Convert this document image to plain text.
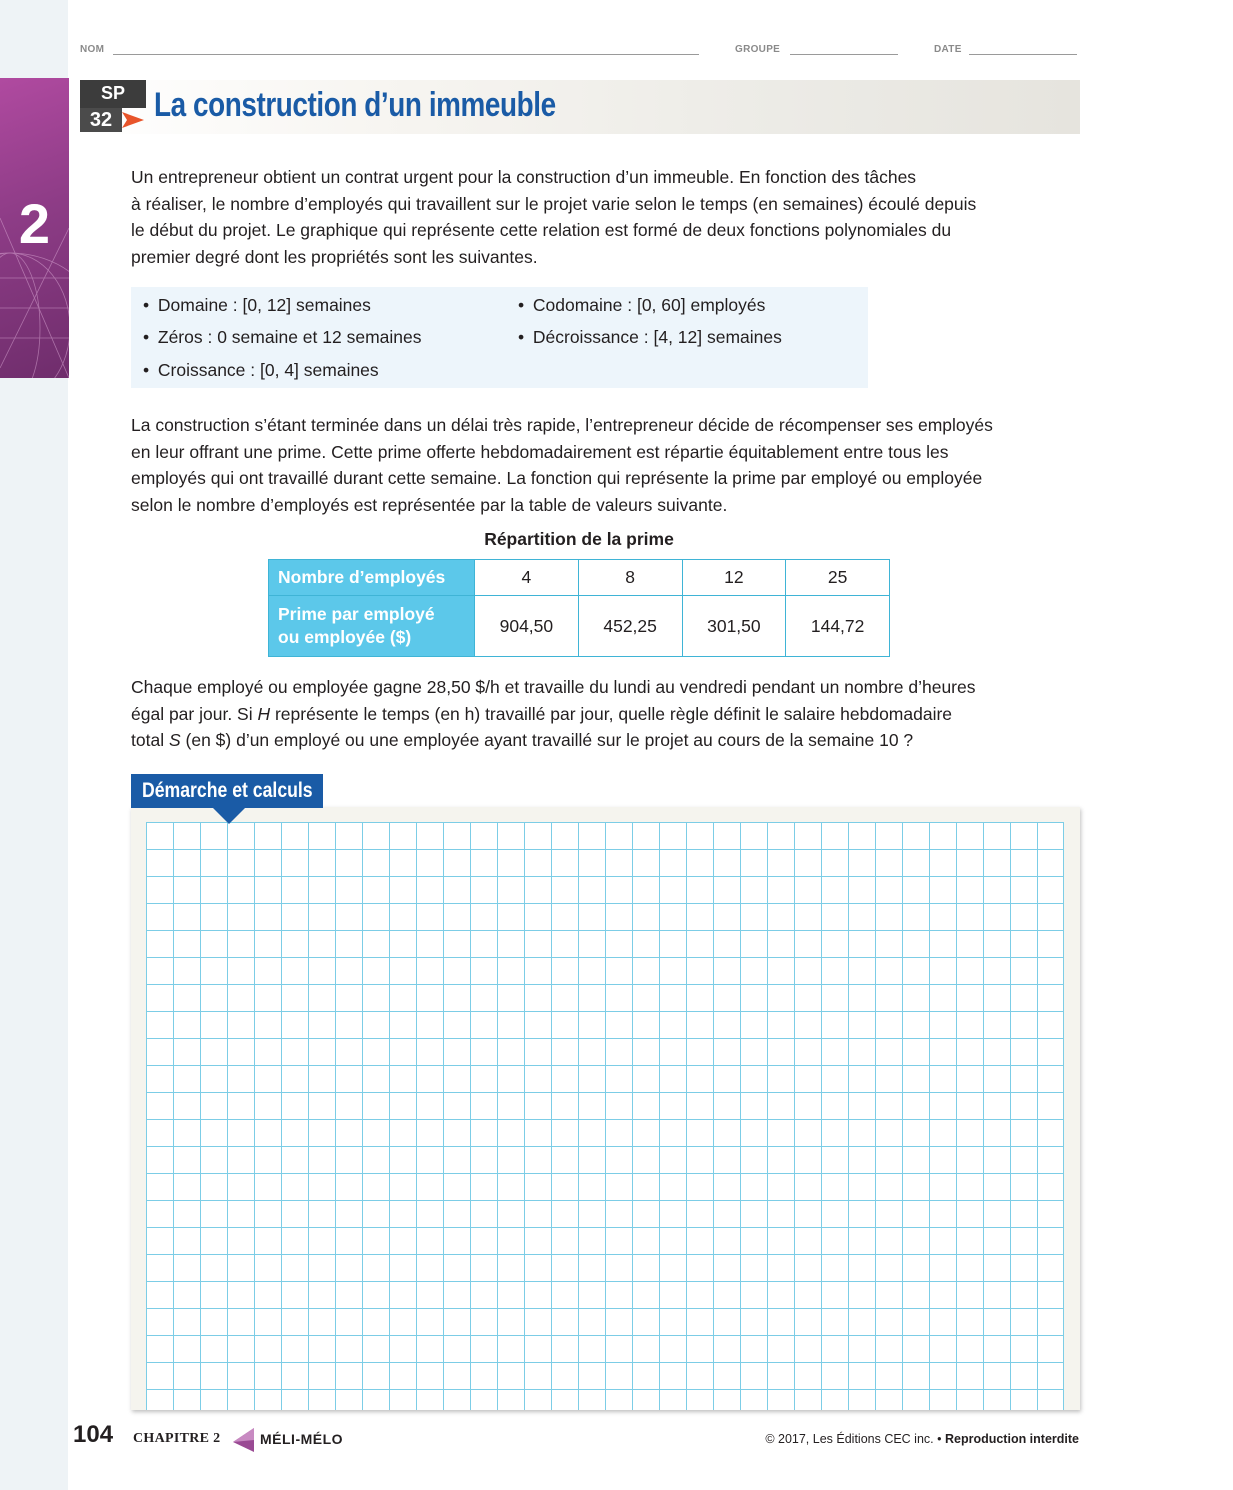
2
NOM	GROUPE	DATE
SP
32 La construction d’un immeuble
Un entrepreneur obtient un contrat urgent pour la construction d’un immeuble. En fonction des tâches
à réaliser, le nombre d’employés qui travaillent sur le projet varie selon le temps (en semaines) écoulé depuis
le début du projet. Le graphique qui représente cette relation est formé de deux fonctions polynomiales du
premier degré dont les propriétés sont les suivantes.
• Domaine : [0, 12] semaines
• Zéros : 0 semaine et 12 semaines
• Croissance : [0, 4] semaines
• Codomaine : [0, 60] employés
• Décroissance : [4, 12] semaines
La construction s’étant terminée dans un délai très rapide, l’entrepreneur décide de récompenser ses employés
en leur offrant une prime. Cette prime offerte hebdomadairement est répartie équitablement entre tous les
employés qui ont travaillé durant cette semaine. La fonction qui représente la prime par employé ou employée
selon le nombre d’employés est représentée par la table de valeurs suivante.
Répartition de la prime
Nombre d’employés	4	8	12	25

Prime par employé
ou employée ($)	904,50	452,25	301,50	144,72
Chaque employé ou employée gagne 28,50 $/h et travaille du lundi au vendredi pendant un nombre d’heures
égal par jour. Si H représente le temps (en h) travaillé par jour, quelle règle définit le salaire hebdomadaire
total S (en $) d’un employé ou une employée ayant travaillé sur le projet au cours de la semaine 10 ?
Démarche et calculs
104 CHAPITRE 2	MÉLI-MÉLO	© 2017, Les Éditions CEC inc. • Reproduction interdite
